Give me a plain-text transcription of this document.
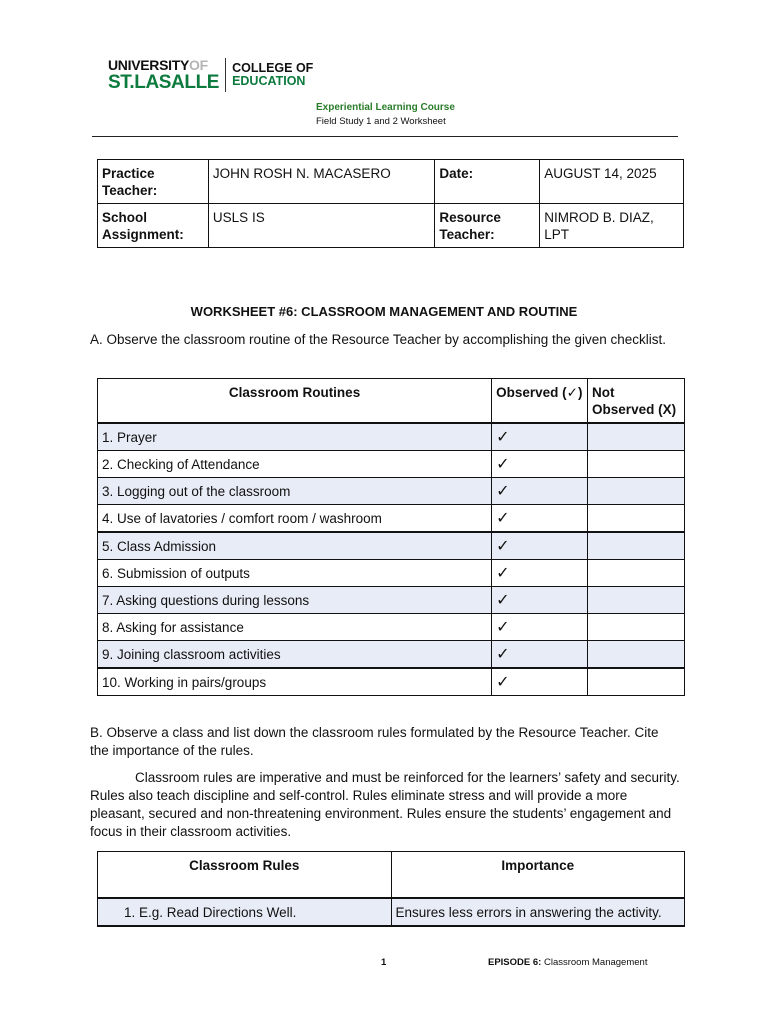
UNIVERSITYOF
ST.LASALLE
COLLEGE OF
EDUCATION
Experiential Learning Course
Field Study 1 and 2 Worksheet
Practice Teacher:	JOHN ROSH N. MACASERO	Date:	AUGUST 14, 2025
School Assignment:	USLS IS	Resource Teacher:	NIMROD B. DIAZ, LPT
WORKSHEET #6: CLASSROOM MANAGEMENT AND ROUTINE
A. Observe the classroom routine of the Resource Teacher by accomplishing the given checklist.
Classroom Routines	Observed (✓)	Not Observed (X)
1. Prayer	✓	
2. Checking of Attendance	✓	
3. Logging out of the classroom	✓	
4. Use of lavatories / comfort room / washroom	✓	
5. Class Admission	✓	
6. Submission of outputs	✓	
7. Asking questions during lessons	✓	
8. Asking for assistance	✓	
9. Joining classroom activities	✓	
10. Working in pairs/groups	✓	
B. Observe a class and list down the classroom rules formulated by the Resource Teacher. Cite the importance of the rules.
Classroom rules are imperative and must be reinforced for the learners’ safety and security. Rules also teach discipline and self-control. Rules eliminate stress and will provide a more pleasant, secured and non-threatening environment. Rules ensure the students’ engagement and focus in their classroom activities.
Classroom Rules	Importance
1. E.g. Read Directions Well.	Ensures less errors in answering the activity.
1	EPISODE 6: Classroom Management
